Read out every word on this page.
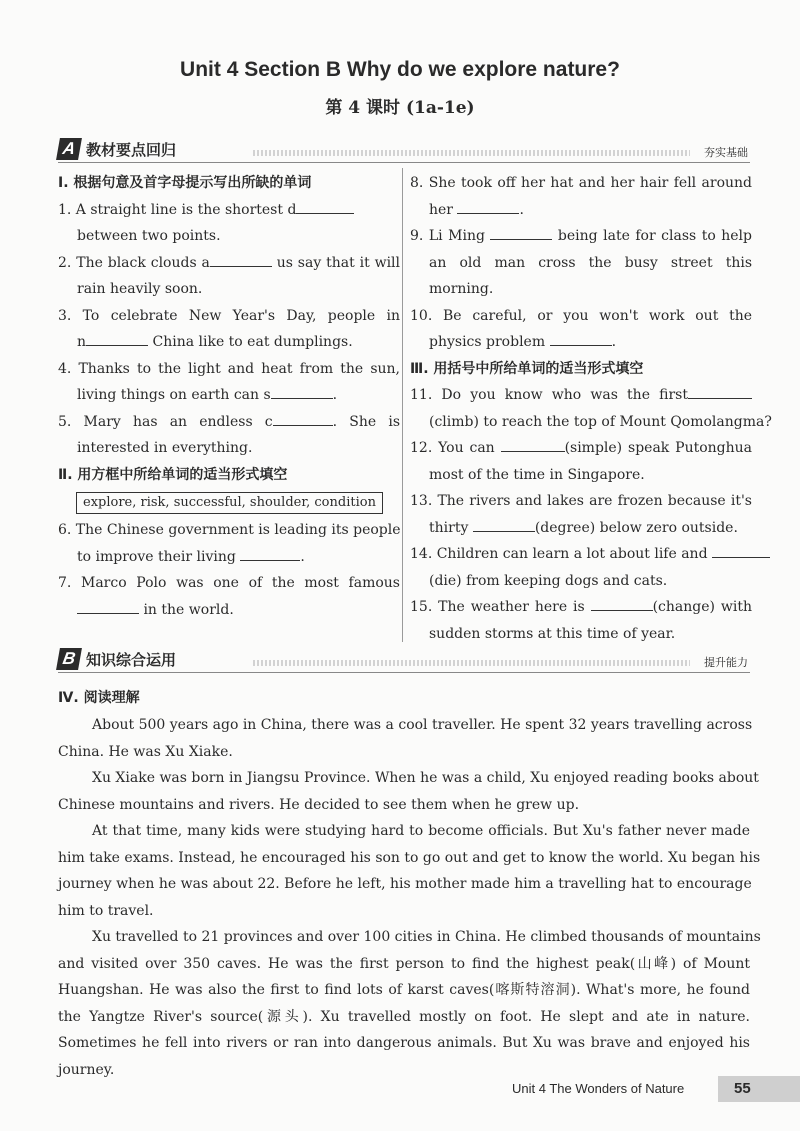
Unit 4 Section B Why do we explore nature?
第 4 课时 (1a-1e)
A 教材要点回归	夯实基础
Ⅰ. 根据句意及首字母提示写出所缺的单词
1. A straight line is the shortest d
between two points.
2. The black clouds a	us say that it will
rain heavily soon.
3. To celebrate New Year's Day, people in
n	China like to eat dumplings.
4. Thanks to the light and heat from the sun,
living things on earth can s	.
5. Mary has an endless c	. She is
interested in everything.
Ⅱ. 用方框中所给单词的适当形式填空
explore, risk, successful, shoulder, condition
6. The Chinese government is leading its people
to improve their living	.
7. Marco Polo was one of the most famous
in the world.
8. She took off her hat and her hair fell around
her	.
9. Li Ming	being late for class to help
an old man cross the busy street this
morning.
10. Be careful, or you won't work out the
physics problem	.
Ⅲ. 用括号中所给单词的适当形式填空
11. Do you know who was the first
(climb) to reach the top of Mount Qomolangma?
12. You can	(simple) speak Putonghua
most of the time in Singapore.
13. The rivers and lakes are frozen because it's
thirty	(degree) below zero outside.
14. Children can learn a lot about life and
(die) from keeping dogs and cats.
15. The weather here is	(change) with
sudden storms at this time of year.
B 知识综合运用	提升能力
Ⅳ. 阅读理解
About 500 years ago in China, there was a cool traveller. He spent 32 years travelling across
China. He was Xu Xiake.
Xu Xiake was born in Jiangsu Province. When he was a child, Xu enjoyed reading books about
Chinese mountains and rivers. He decided to see them when he grew up.
At that time, many kids were studying hard to become officials. But Xu's father never made
him take exams. Instead, he encouraged his son to go out and get to know the world. Xu began his
journey when he was about 22. Before he left, his mother made him a travelling hat to encourage
him to travel.
Xu travelled to 21 provinces and over 100 cities in China. He climbed thousands of mountains
and visited over 350 caves. He was the first person to find the highest peak(山峰) of Mount
Huangshan. He was also the first to find lots of karst caves(喀斯特溶洞). What's more, he found
the Yangtze River's source(源头). Xu travelled mostly on foot. He slept and ate in nature.
Sometimes he fell into rivers or ran into dangerous animals. But Xu was brave and enjoyed his
journey.
Unit 4 The Wonders of Nature	55
